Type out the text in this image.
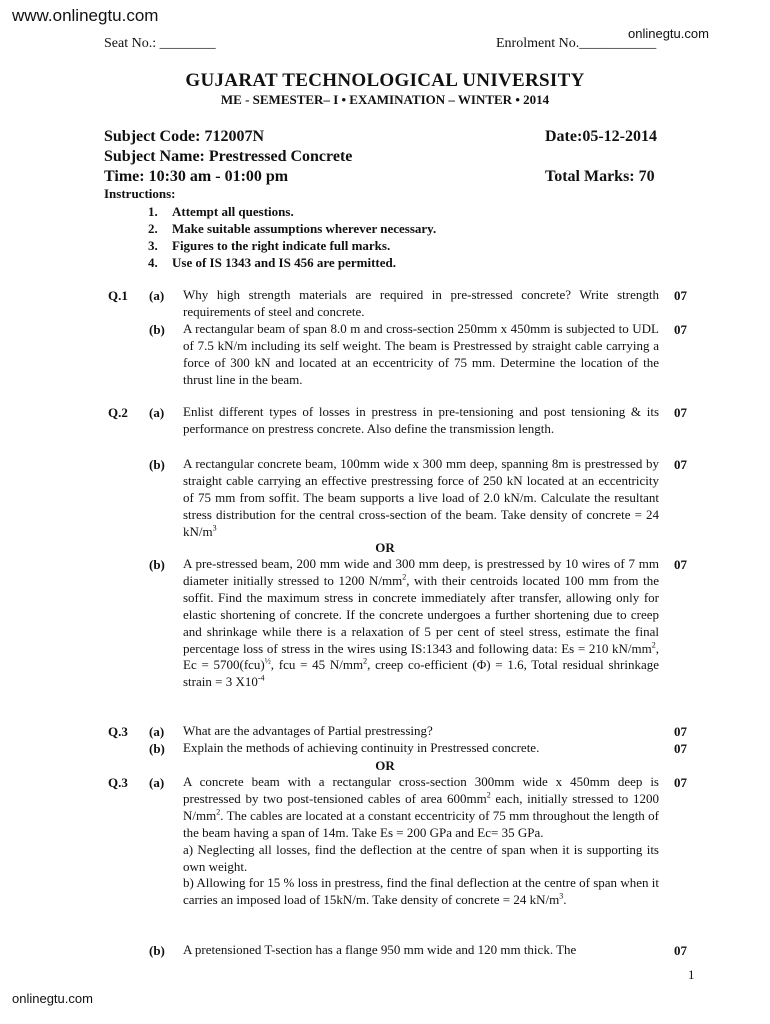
www.onlinegtu.com
onlinegtu.com
onlinegtu.com
Seat No.: ________	Enrolment No.___________
GUJARAT TECHNOLOGICAL UNIVERSITY
ME - SEMESTER– I • EXAMINATION – WINTER • 2014
Subject Code: 712007N	Date:05-12-2014
Subject Name: Prestressed Concrete
Time: 10:30 am - 01:00 pm	Total Marks: 70
Instructions:
1. Attempt all questions.
2. Make suitable assumptions wherever necessary.
3. Figures to the right indicate full marks.
4. Use of IS 1343 and IS 456 are permitted.
Q.1 (a) Why high strength materials are required in pre-stressed concrete? Write strength requirements of steel and concrete.
07
(b) A rectangular beam of span 8.0 m and cross-section 250mm x 450mm is subjected to UDL of 7.5 kN/m including its self weight. The beam is Prestressed by straight cable carrying a force of 300 kN and located at an eccentricity of 75 mm. Determine the location of the thrust line in the beam.
07
Q.2 (a) Enlist different types of losses in prestress in pre-tensioning and post tensioning & its performance on prestress concrete. Also define the transmission length.
07
(b) A rectangular concrete beam, 100mm wide x 300 mm deep, spanning 8m is prestressed by straight cable carrying an effective prestressing force of 250 kN located at an eccentricity of 75 mm from soffit. The beam supports a live load of 2.0 kN/m. Calculate the resultant stress distribution for the central cross-section of the beam. Take density of concrete = 24 $kN/m^3$
07
OR
(b) A pre-stressed beam, 200 mm wide and 300 mm deep, is prestressed by 10 wires of 7 mm diameter initially stressed to 1200 $N/mm^2$, with their centroids located 100 mm from the soffit. Find the maximum stress in concrete immediately after transfer, allowing only for elastic shortening of concrete. If the concrete undergoes a further shortening due to creep and shrinkage while there is a relaxation of 5 per cent of steel stress, estimate the final percentage loss of stress in the wires using IS:1343 and following data: Es = 210 $kN/mm^2$, Ec = 5700(fcu)$^{\frac{1}{2}}$, fcu = 45 $N/mm^2$, creep co-efficient (Φ) = 1.6, Total residual shrinkage strain = 3 $X10^{-4}$
07
Q.3 (a) What are the advantages of Partial prestressing?	07
(b) Explain the methods of achieving continuity in Prestressed concrete.	07
OR
Q.3 (a) A concrete beam with a rectangular cross-section 300mm wide x 450mm deep is prestressed by two post-tensioned cables of area $600mm^2$ each, initially stressed to 1200 $N/mm^2$. The cables are located at a constant eccentricity of 75 mm throughout the length of the beam having a span of 14m. Take Es = 200 GPa and Ec= 35 GPa.
a) Neglecting all losses, find the deflection at the centre of span when it is supporting its own weight.
b) Allowing for 15 % loss in prestress, find the final deflection at the centre of span when it carries an imposed load of 15kN/m. Take density of concrete = 24 $kN/m^3$.
07
(b) A pretensioned T-section has a flange 950 mm wide and 120 mm thick. The	07
1
